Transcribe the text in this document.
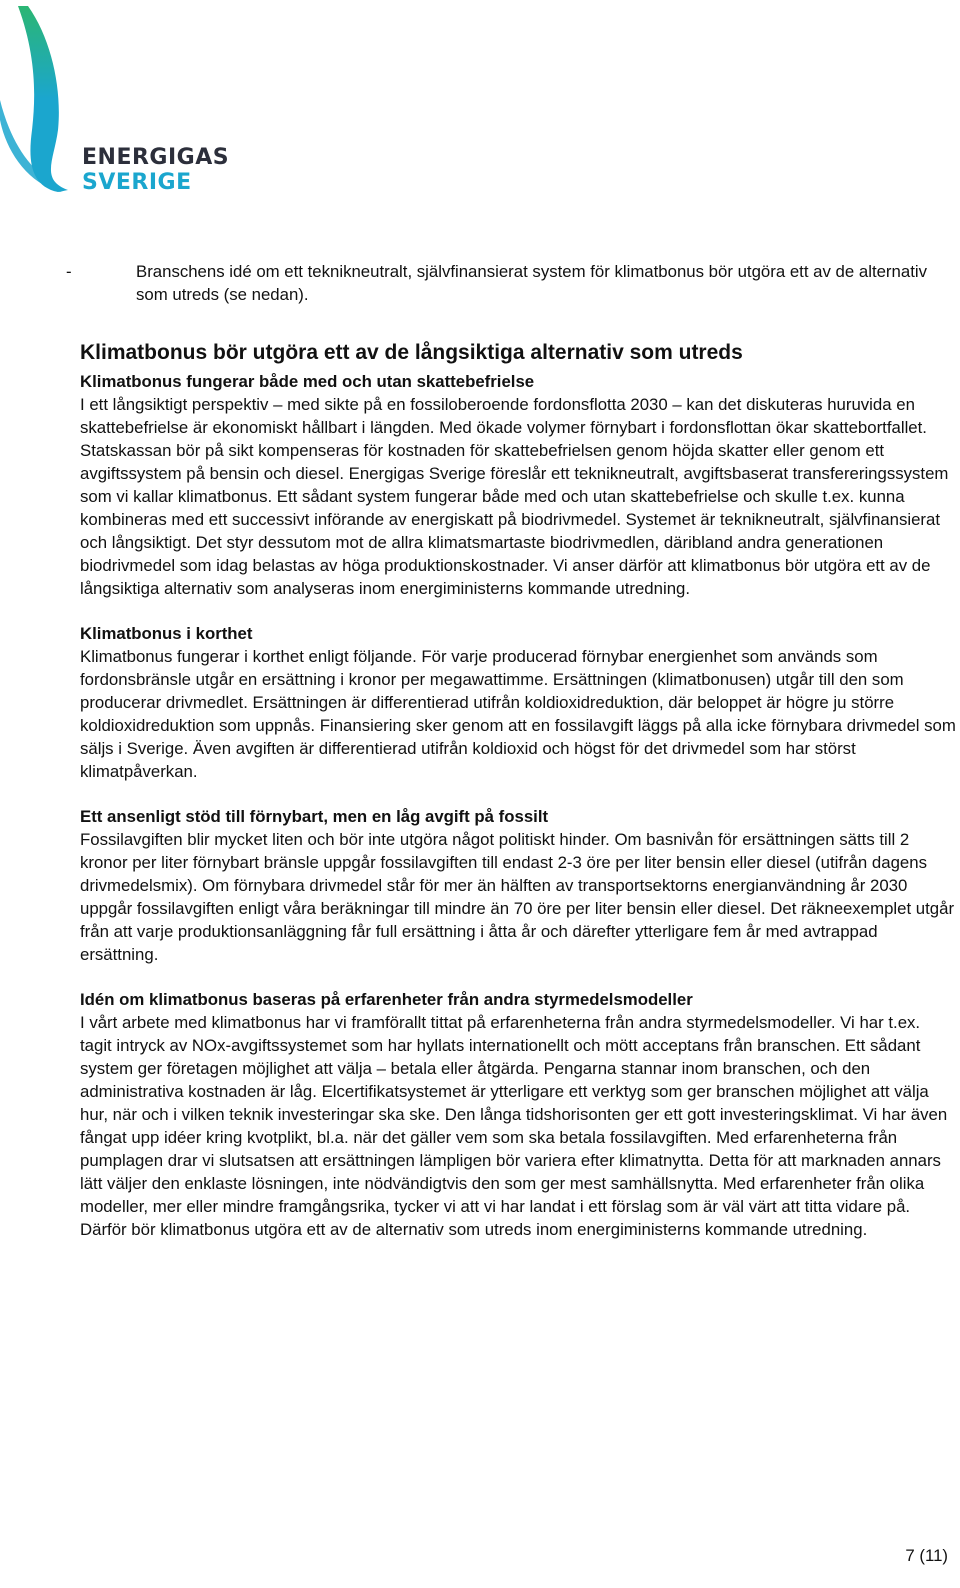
ENERGIGAS
SVERIGE
-	Branschens idé om ett teknikneutralt, självfinansierat system för klimatbonus bör utgöra ett av de alternativ som utreds (se nedan).
Klimatbonus bör utgöra ett av de långsiktiga alternativ som utreds
Klimatbonus fungerar både med och utan skattebefrielse

I ett långsiktigt perspektiv – med sikte på en fossiloberoende fordonsflotta 2030 – kan det diskuteras huruvida en skattebefrielse är ekonomiskt hållbart i längden. Med ökade volymer förnybart i fordonsflottan ökar skattebortfallet. Statskassan bör på sikt kompenseras för kostnaden för skattebefrielsen genom höjda skatter eller genom ett avgiftssystem på bensin och diesel. Energigas Sverige föreslår ett teknikneutralt, avgiftsbaserat transfereringssystem som vi kallar klimatbonus. Ett sådant system fungerar både med och utan skattebefrielse och skulle t.ex. kunna kombineras med ett successivt införande av energiskatt på biodrivmedel. Systemet är teknikneutralt, självfinansierat och långsiktigt. Det styr dessutom mot de allra klimatsmartaste biodrivmedlen, däribland andra generationen biodrivmedel som idag belastas av höga produktionskostnader. Vi anser därför att klimatbonus bör utgöra ett av de långsiktiga alternativ som analyseras inom energiministerns kommande utredning.

Klimatbonus i korthet

Klimatbonus fungerar i korthet enligt följande. För varje producerad förnybar energienhet som används som fordonsbränsle utgår en ersättning i kronor per megawattimme. Ersättningen (klimatbonusen) utgår till den som producerar drivmedlet. Ersättningen är differentierad utifrån koldioxidreduktion, där beloppet är högre ju större koldioxidreduktion som uppnås. Finansiering sker genom att en fossilavgift läggs på alla icke förnybara drivmedel som säljs i Sverige. Även avgiften är differentierad utifrån koldioxid och högst för det drivmedel som har störst klimatpåverkan.

Ett ansenligt stöd till förnybart, men en låg avgift på fossilt

Fossilavgiften blir mycket liten och bör inte utgöra något politiskt hinder. Om basnivån för ersättningen sätts till 2 kronor per liter förnybart bränsle uppgår fossilavgiften till endast 2-3 öre per liter bensin eller diesel (utifrån dagens drivmedelsmix). Om förnybara drivmedel står för mer än hälften av transportsektorns energianvändning år 2030 uppgår fossilavgiften enligt våra beräkningar till mindre än 70 öre per liter bensin eller diesel. Det räkneexemplet utgår från att varje produktionsanläggning får full ersättning i åtta år och därefter ytterligare fem år med avtrappad ersättning.

Idén om klimatbonus baseras på erfarenheter från andra styrmedelsmodeller

I vårt arbete med klimatbonus har vi framförallt tittat på erfarenheterna från andra styrmedelsmodeller. Vi har t.ex. tagit intryck av NOx-avgiftssystemet som har hyllats internationellt och mött acceptans från branschen. Ett sådant system ger företagen möjlighet att välja – betala eller åtgärda. Pengarna stannar inom branschen, och den administrativa kostnaden är låg. Elcertifikatsystemet är ytterligare ett verktyg som ger branschen möjlighet att välja hur, när och i vilken teknik investeringar ska ske. Den långa tidshorisonten ger ett gott investeringsklimat. Vi har även fångat upp idéer kring kvotplikt, bl.a. när det gäller vem som ska betala fossilavgiften. Med erfarenheterna från pumplagen drar vi slutsatsen att ersättningen lämpligen bör variera efter klimatnytta. Detta för att marknaden annars lätt väljer den enklaste lösningen, inte nödvändigtvis den som ger mest samhällsnytta. Med erfarenheter från olika modeller, mer eller mindre framgångsrika, tycker vi att vi har landat i ett förslag som är väl värt att titta vidare på. Därför bör klimatbonus utgöra ett av de alternativ som utreds inom energiministerns kommande utredning.

7 (11)
